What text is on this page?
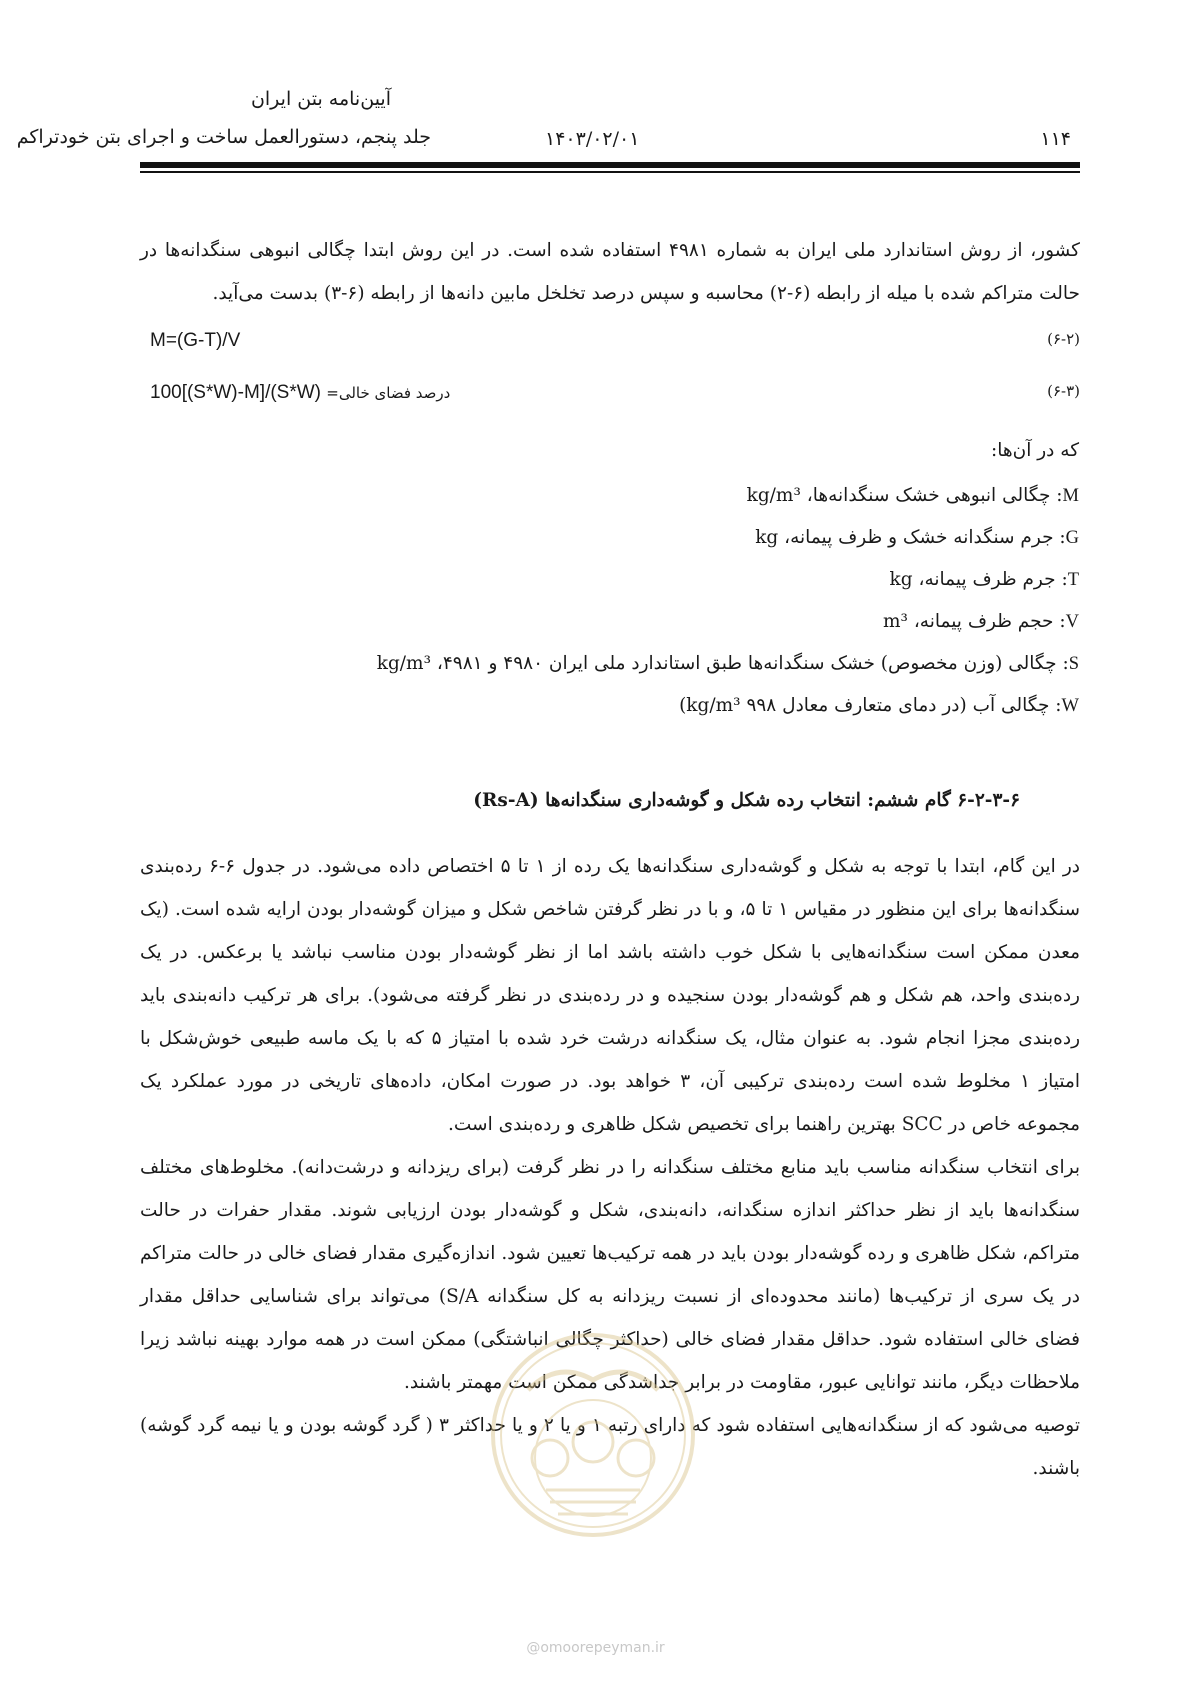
آیین‌نامه بتن ایران
جلد پنجم، دستورالعمل ساخت و اجرای بتن خودتراکم	۱۴۰۳/۰۲/۰۱	۱۱۴

کشور، از روش استاندارد ملی ایران به شماره ۴۹۸۱ استفاده شده است. در این روش ابتدا چگالی انبوهی سنگدانه‌ها در حالت متراکم شده با میله از رابطه (۶-۲) محاسبه و سپس درصد تخلخل مابین دانه‌ها از رابطه (۶-۳) بدست می‌آید.

(۶-۲)
M=(G-T)/V
(۶-۳)
100[(S*W)-M]/(S*W) درصد فضای خالی=
که در آن‌ها:
: چگالی انبوهی خشک سنگدانه‌ها، kg/m³M
: جرم سنگدانه خشک و ظرف پیمانه، kgG
: جرم ظرف پیمانه، kgT
: حجم ظرف پیمانه، m³V
: چگالی (وزن مخصوص) خشک سنگدانه‌ها طبق استاندارد ملی ایران ۴۹۸۰ و ۴۹۸۱، kg/m³S
: چگالی آب (در دمای متعارف معادل ۹۹۸ kg/m³)W
۶-۲-۳-۶ گام ششم: انتخاب رده شکل و گوشه‌داری سنگدانه‌ها (Rs-A)

در این گام، ابتدا با توجه به شکل و گوشه‌داری سنگدانه‌ها یک رده از ۱ تا ۵ اختصاص داده می‌شود. در جدول ۶-۶ رده‌بندی سنگدانه‌ها برای این منظور در مقیاس ۱ تا ۵، و با در نظر گرفتن شاخص شکل و میزان گوشه‌دار بودن ارایه شده است. (یک معدن ممکن است سنگدانه‌هایی با شکل خوب داشته باشد اما از نظر گوشه‌دار بودن مناسب نباشد یا برعکس. در یک رده‌بندی واحد، هم شکل و هم گوشه‌دار بودن سنجیده و در رده‌بندی در نظر گرفته می‌شود). برای هر ترکیب دانه‌بندی باید رده‌بندی مجزا انجام شود. به عنوان مثال، یک سنگدانه درشت خرد شده با امتیاز ۵ که با یک ماسه طبیعی خوش‌شکل با امتیاز ۱ مخلوط شده است رده‌بندی ترکیبی آن، ۳ خواهد بود. در صورت امکان، داده‌های تاریخی در مورد عملکرد یک مجموعه خاص در SCC بهترین راهنما برای تخصیص شکل ظاهری و رده‌بندی است.

برای انتخاب سنگدانه مناسب باید منابع مختلف سنگدانه را در نظر گرفت (برای ریزدانه و درشت‌دانه). مخلوط‌های مختلف سنگدانه‌ها باید از نظر حداکثر اندازه سنگدانه، دانه‌بندی، شکل و گوشه‌دار بودن ارزیابی شوند. مقدار حفرات در حالت متراکم، شکل ظاهری و رده گوشه‌دار بودن باید در همه ترکیب‌ها تعیین شود. اندازه‌گیری مقدار فضای خالی در حالت متراکم در یک سری از ترکیب‌ها (مانند محدوده‌ای از نسبت ریزدانه به کل سنگدانه S/A) می‌تواند برای شناسایی حداقل مقدار فضای خالی استفاده شود. حداقل مقدار فضای خالی (حداکثر چگالی انباشتگی) ممکن است در همه موارد بهینه نباشد زیرا ملاحظات دیگر، مانند توانایی عبور، مقاومت در برابر جداشدگی ممکن است مهمتر باشند.

توصیه می‌شود که از سنگدانه‌هایی استفاده شود که دارای رتبه ۱ و یا ۲ و یا حداکثر ۳ ( گرد گوشه بودن و یا نیمه گرد گوشه) باشند.

@omoorepeyman.ir
